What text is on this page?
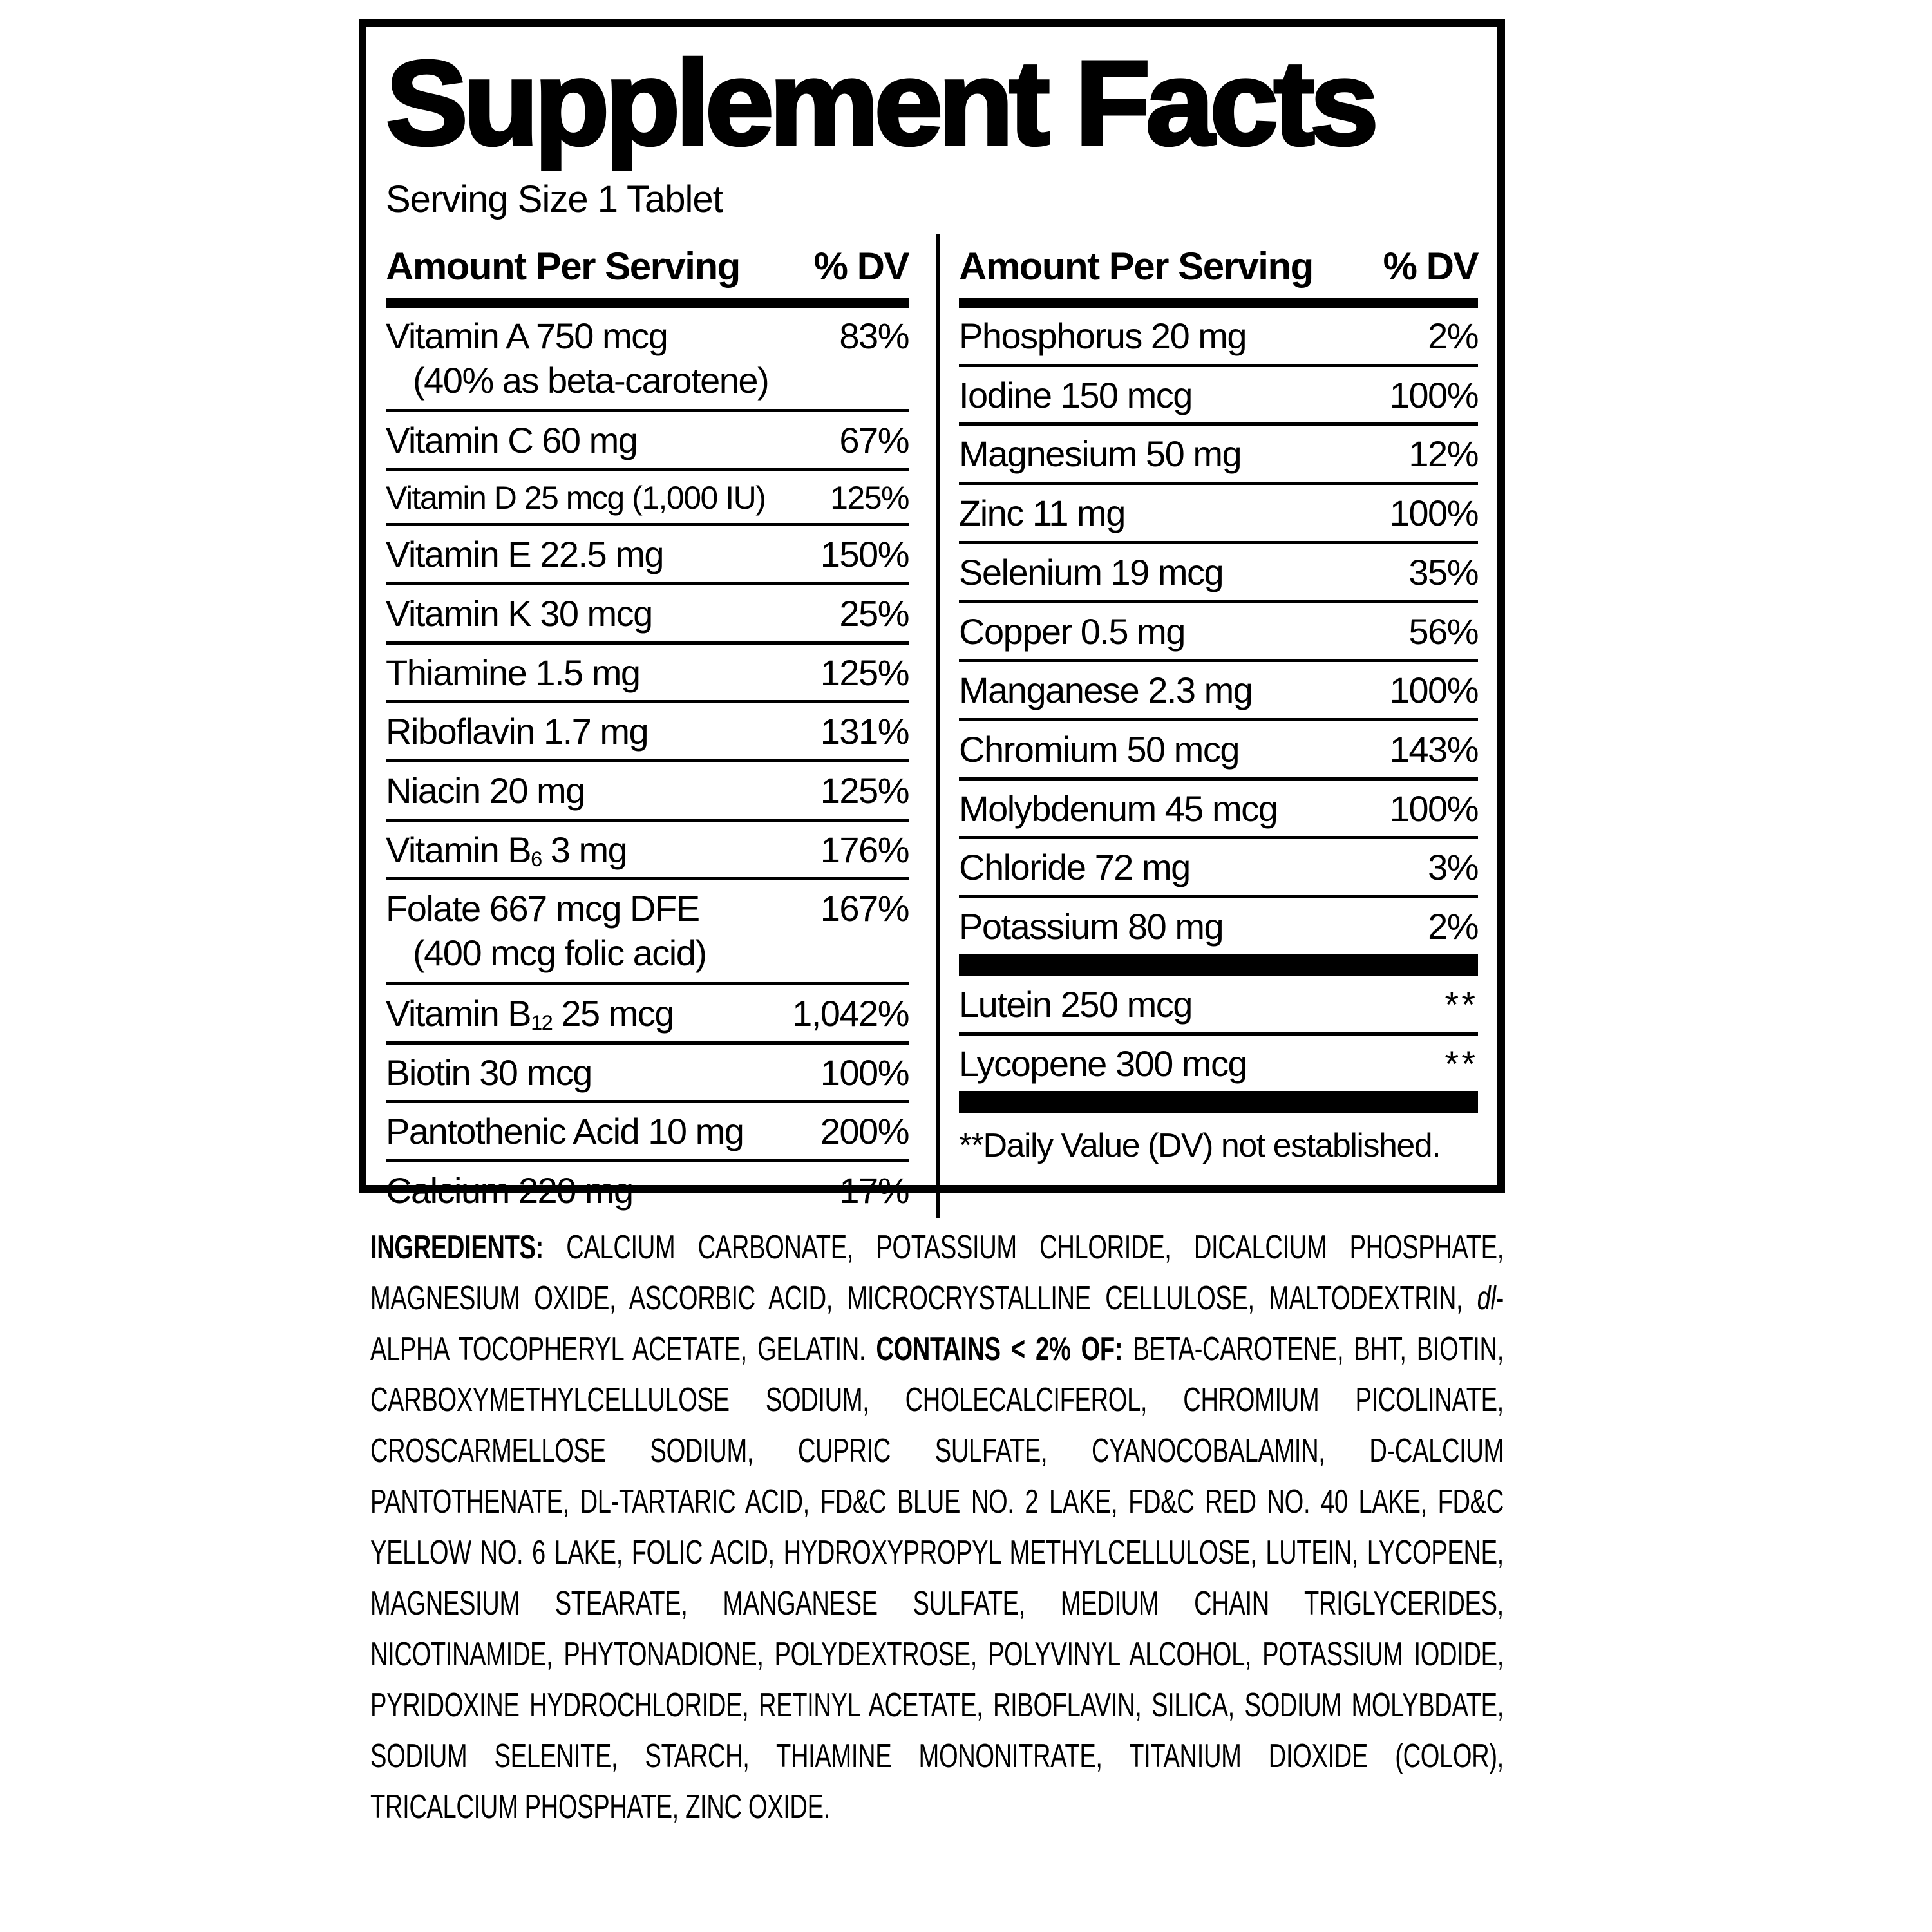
Supplement Facts
Serving Size 1 Tablet
Amount Per Serving % DV
Vitamin A 750 mcg	83%
(40% as beta-carotene)
Vitamin C 60 mg	67%
Vitamin D 25 mcg (1,000 IU) 125%
Vitamin E 22.5 mg	150%
Vitamin K 30 mcg	25%
Thiamine 1.5 mg	125%
Riboflavin 1.7 mg	131%
Niacin 20 mg	125%
Vitamin $B_6$ 3 mg	176%
Folate 667 mcg DFE	167%
(400 mcg folic acid)
Vitamin $B_{12}$ 25 mcg	1,042%
Biotin 30 mcg	100%
Pantothenic Acid 10 mg 200%
Calcium 220 mg	17%
Amount Per Serving % DV
Phosphorus 20 mg	2%
Iodine 150 mcg	100%
Magnesium 50 mg	12%
Zinc 11 mg	100%
Selenium 19 mcg	35%
Copper 0.5 mg	56%
Manganese 2.3 mg	100%
Chromium 50 mcg	143%
Molybdenum 45 mcg	100%
Chloride 72 mg	3%
Potassium 80 mg	2%
Lutein 250 mcg	**
Lycopene 300 mcg	**
**Daily Value (DV) not established.
INGREDIENTS: CALCIUM CARBONATE, POTASSIUM CHLORIDE, DICALCIUM PHOSPHATE, MAGNESIUM OXIDE, ASCORBIC ACID, MICROCRYSTALLINE CELLULOSE, MALTODEXTRIN, dl-ALPHA TOCOPHERYL ACETATE, GELATIN. CONTAINS < 2% OF: BETA-CAROTENE, BHT, BIOTIN, CARBOXYMETHYLCELLULOSE SODIUM, CHOLECALCIFEROL, CHROMIUM PICOLINATE, CROSCARMELLOSE SODIUM, CUPRIC SULFATE, CYANOCOBALAMIN, D-CALCIUM PANTOTHENATE, DL-TARTARIC ACID, FD&C BLUE NO. 2 LAKE, FD&C RED NO. 40 LAKE, FD&C YELLOW NO. 6 LAKE, FOLIC ACID, HYDROXYPROPYL METHYLCELLULOSE, LUTEIN, LYCOPENE, MAGNESIUM STEARATE, MANGANESE SULFATE, MEDIUM CHAIN TRIGLYCERIDES, NICOTINAMIDE, PHYTONADIONE, POLYDEXTROSE, POLYVINYL ALCOHOL, POTASSIUM IODIDE, PYRIDOXINE HYDROCHLORIDE, RETINYL ACETATE, RIBOFLAVIN, SILICA, SODIUM MOLYBDATE, SODIUM SELENITE, STARCH, THIAMINE MONONITRATE, TITANIUM DIOXIDE (COLOR), TRICALCIUM PHOSPHATE, ZINC OXIDE.
